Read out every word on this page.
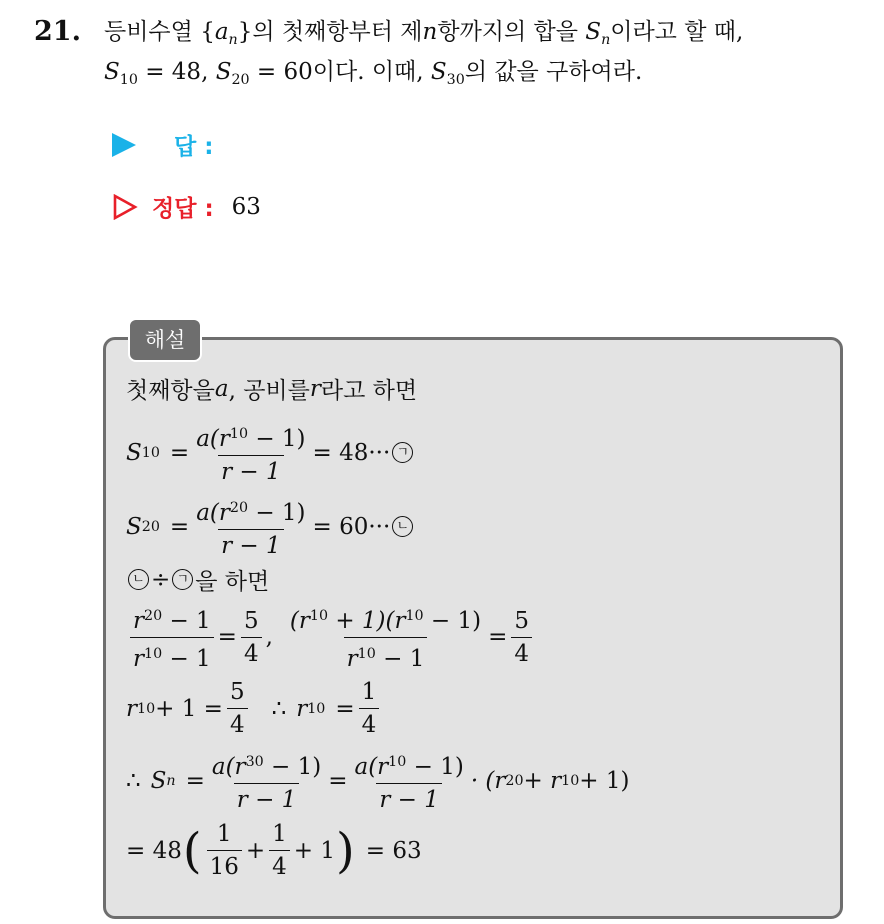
21. 등비수열 $\{a_n\}$의 첫째항부터 제n항까지의 합을 $S_n$이라고 할 때,
$S_{10} = 48$, $S_{20} = 60$이다. 이때, $S_{30}$의 값을 구하여라.
답 :
정답 : 63
해설
첫째항을 a , 공비를 r 라고 하면
S $10 = \frac{a(r^{10} - 1)}{r - 1} = 48\cdot\cdot\cdot$ ㄱ
S $20 = \frac{a(r^{20} - 1)}{r - 1} = 60\cdot\cdot\cdot$ ㄴ
ㄴ ÷ ㄱ 을 하면
$\frac{r^{20} - 1}{r^{10} - 1} = \frac{5}{4}$ , $\frac{(r^{10} + 1)(r^{10} - 1)}{r^{10} - 1} = \frac{5}{4}$
r $10 + 1 = \frac{5}{4}$ ∴ r $10 = \frac{1}{4}$
∴ S $n = \frac{a(r^{30} - 1)}{r - 1} = \frac{a(r^{10} - 1)}{r - 1} \cdot (r$ 20 + r 10 + 1)
= 48 ( $\frac{1}{16} + \frac{1}{4} + 1$ ) = 63
